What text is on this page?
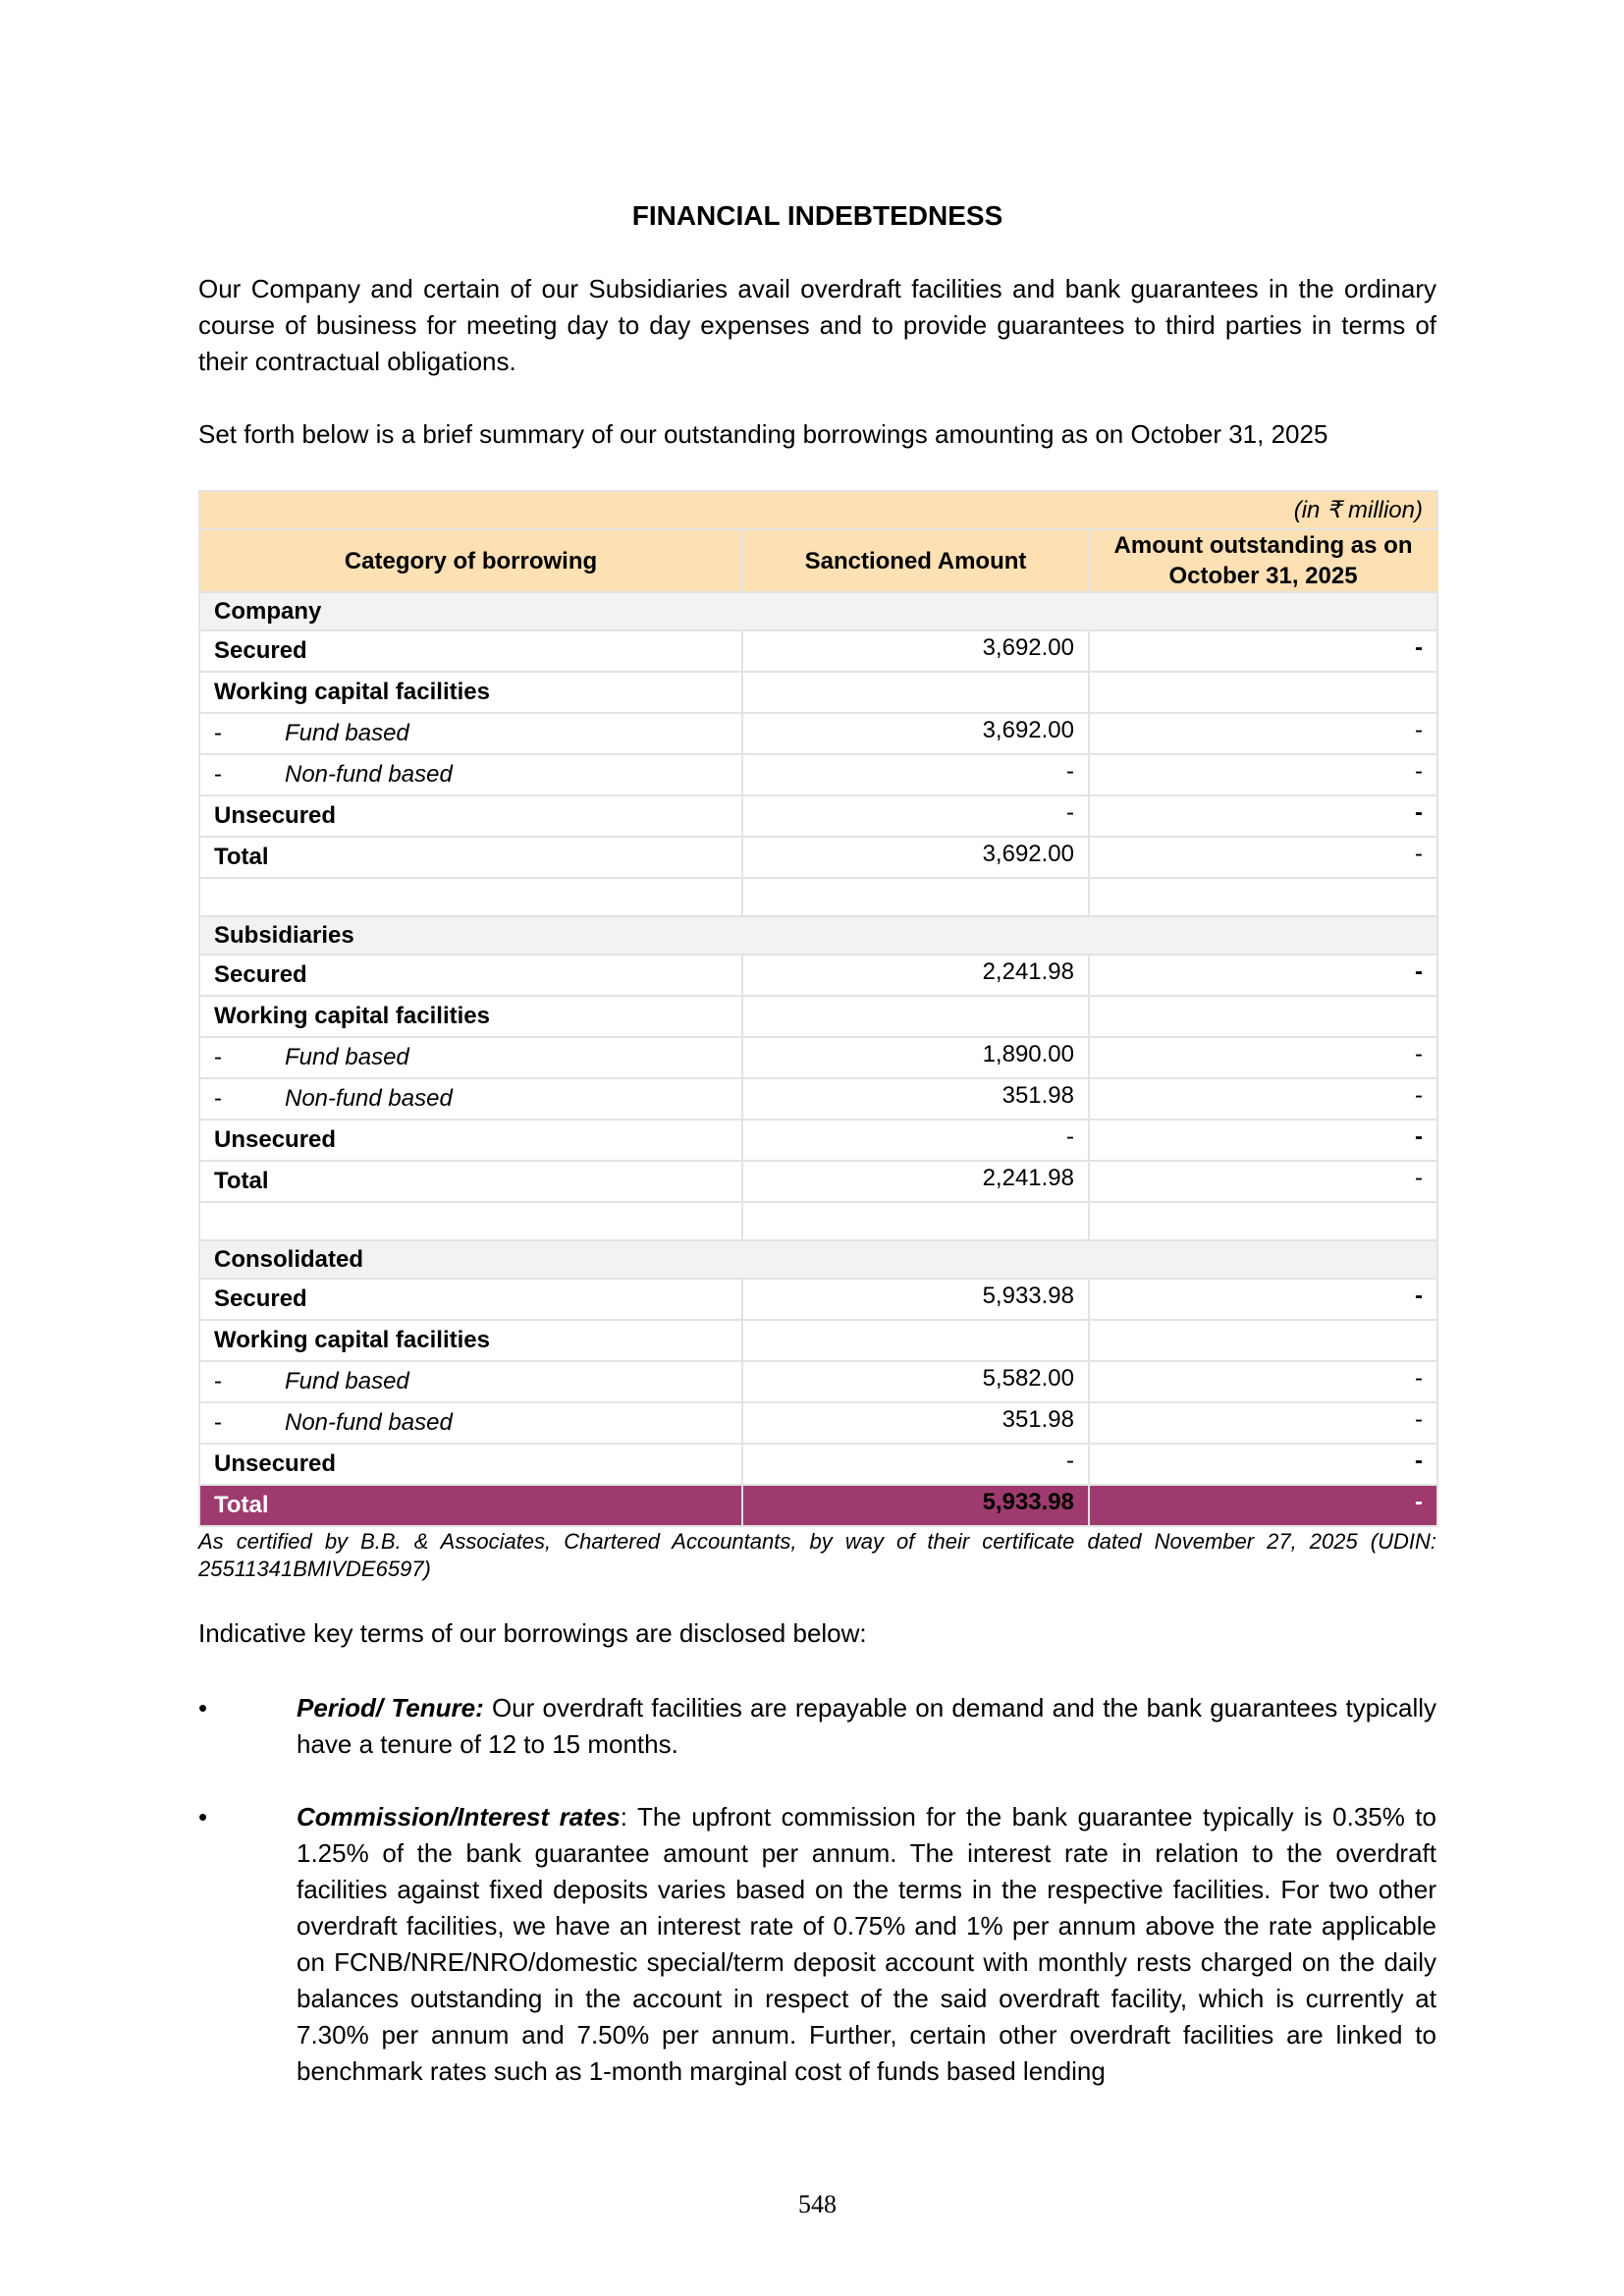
FINANCIAL INDEBTEDNESS

Our Company and certain of our Subsidiaries avail overdraft facilities and bank guarantees in the ordinary course of business for meeting day to day expenses and to provide guarantees to third parties in terms of their contractual obligations.

Set forth below is a brief summary of our outstanding borrowings amounting as on October 31, 2025

(in ₹ million)		
Category of borrowing	Sanctioned Amount	Amount outstanding as on October 31, 2025
Company		
Secured	3,692.00	-
Working capital facilities		
- Fund based	3,692.00	-
- Non-fund based	-	-
Unsecured	-	-
Total	3,692.00	-

Subsidiaries		
Secured	2,241.98	-
Working capital facilities		
- Fund based	1,890.00	-
- Non-fund based	351.98	-
Unsecured	-	-
Total	2,241.98	-

Consolidated		
Secured	5,933.98	-
Working capital facilities		
- Fund based	5,582.00	-
- Non-fund based	351.98	-
Unsecured	-	-
Total	5,933.98	-

As certified by B.B. & Associates, Chartered Accountants, by way of their certificate dated November 27, 2025 (UDIN: 25511341BMIVDE6597)

Indicative key terms of our borrowings are disclosed below:

•	Period/ Tenure: Our overdraft facilities are repayable on demand and the bank guarantees typically have a tenure of 12 to 15 months.

•	Commission/Interest rates: The upfront commission for the bank guarantee typically is 0.35% to 1.25% of the bank guarantee amount per annum. The interest rate in relation to the overdraft facilities against fixed deposits varies based on the terms in the respective facilities. For two other overdraft facilities, we have an interest rate of 0.75% and 1% per annum above the rate applicable on FCNB/NRE/NRO/domestic special/term deposit account with monthly rests charged on the daily balances outstanding in the account in respect of the said overdraft facility, which is currently at 7.30% per annum and 7.50% per annum. Further, certain other overdraft facilities are linked to benchmark rates such as 1-month marginal cost of funds based lending

548
